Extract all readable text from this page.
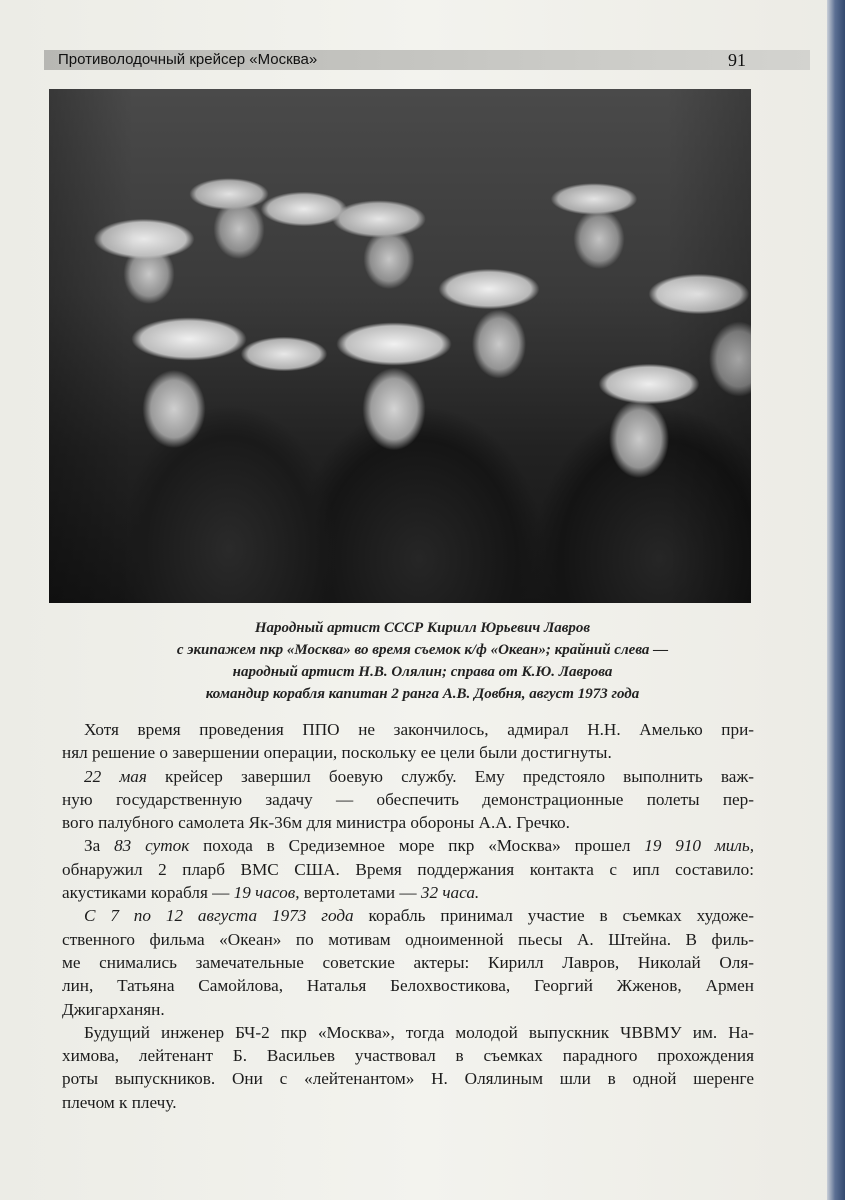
Противолодочный крейсер «Москва»	91
Народный артист СССР Кирилл Юрьевич Лавров
с экипажем пкр «Москва» во время съемок к/ф «Океан»; крайний слева —
народный артист Н.В. Олялин; справа от К.Ю. Лаврова
командир корабля капитан 2 ранга А.В. Довбня, август 1973 года
Хотя время проведения ППО не закончилось, адмирал Н.Н. Амелько при-
нял решение о завершении операции, поскольку ее цели были достигнуты.
22 мая крейсер завершил боевую службу. Ему предстояло выполнить важ-
ную государственную задачу — обеспечить демонстрационные полеты пер-
вого палубного самолета Як-36м для министра обороны А.А. Гречко.
За 83 суток похода в Средиземное море пкр «Москва» прошел 19 910 миль,
обнаружил 2 пларб ВМС США. Время поддержания контакта с ипл составило:
акустиками корабля — 19 часов, вертолетами — 32 часа.
С 7 по 12 августа 1973 года корабль принимал участие в съемках художе-
ственного фильма «Океан» по мотивам одноименной пьесы А. Штейна. В филь-
ме снимались замечательные советские актеры: Кирилл Лавров, Николай Оля-
лин, Татьяна Самойлова, Наталья Белохвостикова, Георгий Жженов, Армен
Джигарханян.
Будущий инженер БЧ-2 пкр «Москва», тогда молодой выпускник ЧВВМУ им. На-
химова, лейтенант Б. Васильев участвовал в съемках парадного прохождения
роты выпускников. Они с «лейтенантом» Н. Олялиным шли в одной шеренге
плечом к плечу.
